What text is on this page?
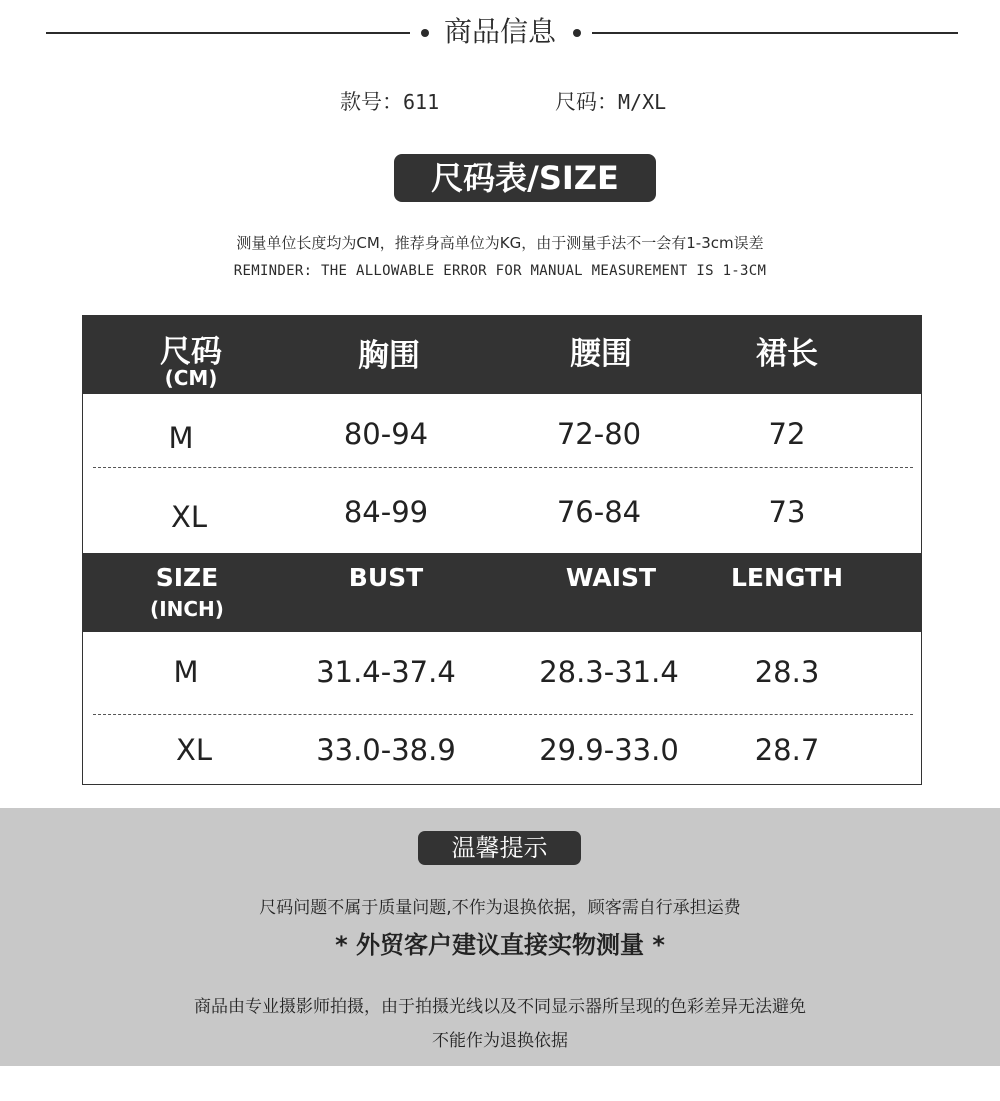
商品信息
款号：611	尺码：M/XL
尺码表/SIZE
测量单位长度均为CM，推荐身高单位为KG，由于测量手法不一会有1-3cm误差
REMINDER: THE ALLOWABLE ERROR FOR MANUAL MEASUREMENT IS 1-3CM
尺码
(CM)
胸围	腰围	裙长
M	80-94	72-80	72
XL	84-99	76-84	73
SIZE
(INCH)
BUST	WAIST	LENGTH
M	31.4-37.4	28.3-31.4	28.3
XL	33.0-38.9	29.9-33.0	28.7
温馨提示
尺码问题不属于质量问题,不作为退换依据，顾客需自行承担运费
* 外贸客户建议直接实物测量 *
商品由专业摄影师拍摄，由于拍摄光线以及不同显示器所呈现的色彩差异无法避免
不能作为退换依据
